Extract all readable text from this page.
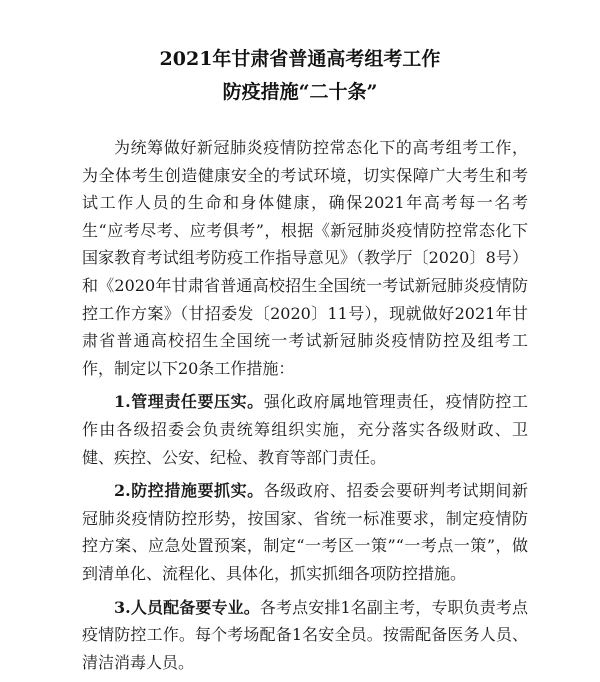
2021年甘肃省普通高考组考工作
防疫措施“二十条”

为统筹做好新冠肺炎疫情防控常态化下的高考组考工作，为全体考生创造健康安全的考试环境，切实保障广大考生和考试工作人员的生命和身体健康，确保2021年高考每一名考生“应考尽考、应考俱考”，根据《新冠肺炎疫情防控常态化下国家教育考试组考防疫工作指导意见》（教学厅〔2020〕8号）和《2020年甘肃省普通高校招生全国统一考试新冠肺炎疫情防控工作方案》（甘招委发〔2020〕11号），现就做好2021年甘肃省普通高校招生全国统一考试新冠肺炎疫情防控及组考工作，制定以下20条工作措施：

1.管理责任要压实。强化政府属地管理责任，疫情防控工作由各级招委会负责统筹组织实施，充分落实各级财政、卫健、疾控、公安、纪检、教育等部门责任。

2.防控措施要抓实。各级政府、招委会要研判考试期间新冠肺炎疫情防控形势，按国家、省统一标准要求，制定疫情防控方案、应急处置预案，制定“一考区一策”“一考点一策”，做到清单化、流程化、具体化，抓实抓细各项防控措施。

3.人员配备要专业。各考点安排1名副主考，专职负责考点疫情防控工作。每个考场配备1名安全员。按需配备医务人员、清洁消毒人员。
